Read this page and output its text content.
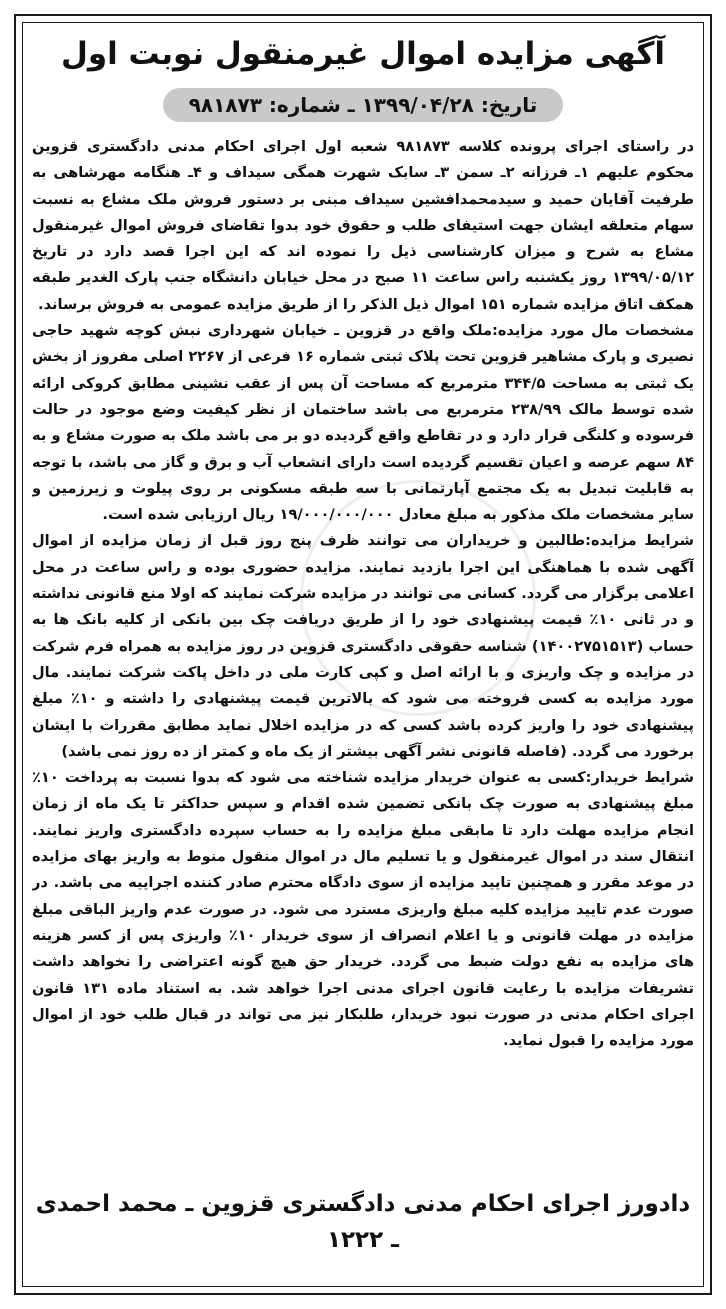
آگهی مزایده اموال غیرمنقول نوبت اول
تاریخ: ۱۳۹۹/۰۴/۲۸ ـ شماره: ۹۸۱۸۷۳

در راستای اجرای پرونده کلاسه ۹۸۱۸۷۳ شعبه اول اجرای احکام مدنی دادگستری قزوین محکوم علیهم ۱ـ فرزانه ۲ـ سمن ۳ـ سابک شهرت همگی سیداف و ۴ـ هنگامه مهرشاهی به طرفیت آقایان حمید و سیدمحمدافشین سیداف مبنی بر دستور فروش ملک مشاع به نسبت سهام متعلقه ایشان جهت استیفای طلب و حقوق خود بدوا تقاضای فروش اموال غیرمنقول مشاع به شرح و میزان کارشناسی ذیل را نموده اند که این اجرا قصد دارد در تاریخ ۱۳۹۹/۰۵/۱۲ روز یکشنبه راس ساعت ۱۱ صبح در محل خیابان دانشگاه جنب پارک الغدیر طبقه همکف اتاق مزایده شماره ۱۵۱ اموال ذیل الذکر را از طریق مزایده عمومی به فروش برساند.

مشخصات مال مورد مزایده:ملک واقع در قزوین ـ خیابان شهرداری نبش کوچه شهید حاجی نصیری و پارک مشاهیر قزوین تحت پلاک ثبتی شماره ۱۶ فرعی از ۲۲۶۷ اصلی مفروز از بخش یک ثبتی به مساحت ۳۴۴/۵ مترمربع که مساحت آن پس از عقب نشینی مطابق کروکی ارائه شده توسط مالک ۲۳۸/۹۹ مترمربع می باشد ساختمان از نظر کیفیت وضع موجود در حالت فرسوده و کلنگی قرار دارد و در تقاطع واقع گردیده دو بر می باشد ملک به صورت مشاع و به ۸۴ سهم عرصه و اعیان تقسیم گردیده است دارای انشعاب آب و برق و گاز می باشد، با توجه به قابلیت تبدیل به یک مجتمع آپارتمانی با سه طبقه مسکونی بر روی پیلوت و زیرزمین و سایر مشخصات ملک مذکور به مبلغ معادل ۱۹/۰۰۰/۰۰۰/۰۰۰ ریال ارزیابی شده است.

شرایط مزایده:طالبین و خریداران می توانند ظرف پنج روز قبل از زمان مزایده از اموال آگهی شده با هماهنگی این اجرا بازدید نمایند. مزایده حضوری بوده و راس ساعت در محل اعلامی برگزار می گردد. کسانی می توانند در مزایده شرکت نمایند که اولا منع قانونی نداشته و در ثانی ۱۰٪ قیمت پیشنهادی خود را از طریق دریافت چک بین بانکی از کلیه بانک ها به حساب (۱۴۰۰۲۷۵۱۵۱۳) شناسه حقوقی دادگستری قزوین در روز مزایده به همراه فرم شرکت در مزایده و چک واریزی و با ارائه اصل و کپی کارت ملی در داخل پاکت شرکت نمایند. مال مورد مزایده به کسی فروخته می شود که بالاترین قیمت پیشنهادی را داشته و ۱۰٪ مبلغ پیشنهادی خود را واریز کرده باشد کسی که در مزایده اخلال نماید مطابق مقررات با ایشان برخورد می گردد. (فاصله قانونی نشر آگهی بیشتر از یک ماه و کمتر از ده روز نمی باشد)

شرایط خریدار:کسی به عنوان خریدار مزایده شناخته می شود که بدوا نسبت به پرداخت ۱۰٪ مبلغ پیشنهادی به صورت چک بانکی تضمین شده اقدام و سپس حداکثر تا یک ماه از زمان انجام مزایده مهلت دارد تا مابقی مبلغ مزایده را به حساب سپرده دادگستری واریز نمایند. انتقال سند در اموال غیرمنقول و یا تسلیم مال در اموال منقول منوط به واریز بهای مزایده در موعد مقرر و همچنین تایید مزایده از سوی دادگاه محترم صادر کننده اجراییه می باشد. در صورت عدم تایید مزایده کلیه مبلغ واریزی مسترد می شود. در صورت عدم واریز الباقی مبلغ مزایده در مهلت قانونی و یا اعلام انصراف از سوی خریدار ۱۰٪ واریزی پس از کسر هزینه های مزایده به نفع دولت ضبط می گردد. خریدار حق هیچ گونه اعتراضی را نخواهد داشت تشریفات مزایده با رعایت قانون اجرای مدنی اجرا خواهد شد. به استناد ماده ۱۳۱ قانون اجرای احکام مدنی در صورت نبود خریدار، طلبکار نیز می تواند در قبال طلب خود از اموال مورد مزایده را قبول نماید.

دادورز اجرای احکام مدنی دادگستری قزوین ـ محمد احمدی ـ ۱۲۲۲
